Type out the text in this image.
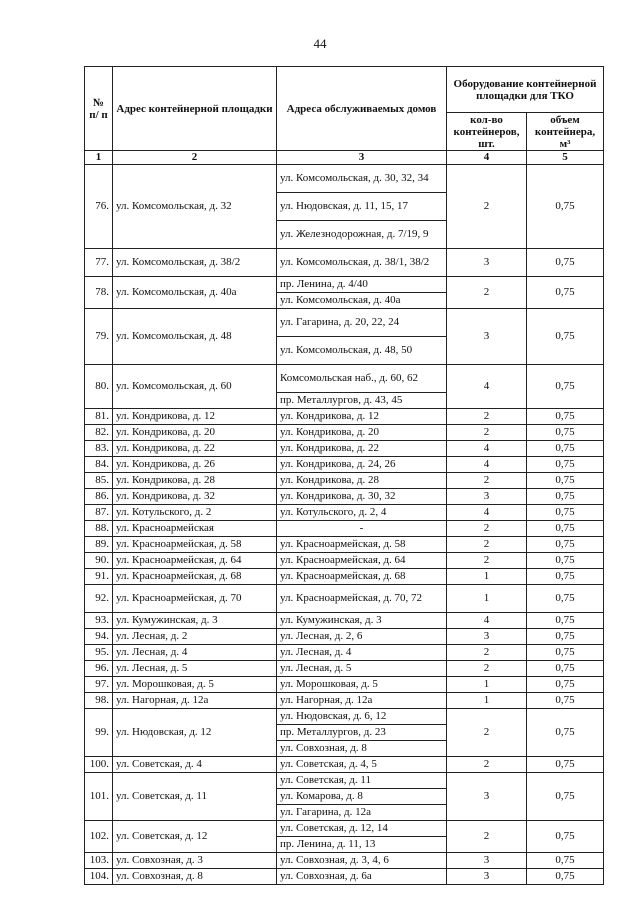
44
№ п/ п	Адрес контейнерной площадки	Адреса обслуживаемых домов	Оборудование контейнерной площадки для ТКО	
			кол-во контейнеров, шт.	объем контейнера, м³
1	2	3	4	5
76.	ул. Комсомольская, д. 32	ул. Комсомольская, д. 30, 32, 34	2	0,75
		ул. Нюдовская, д. 11, 15, 17		
		ул. Железнодорожная, д. 7/19, 9		
77.	ул. Комсомольская, д. 38/2	ул. Комсомольская, д. 38/1, 38/2	3	0,75
78.	ул. Комсомольская, д. 40а	пр. Ленина, д. 4/40	2	0,75
		ул. Комсомольская, д. 40а		
79.	ул. Комсомольская, д. 48	ул. Гагарина, д. 20, 22, 24	3	0,75
		ул. Комсомольская, д. 48, 50		
80.	ул. Комсомольская, д. 60	Комсомольская наб., д. 60, 62	4	0,75
		пр. Металлургов, д. 43, 45		
81.	ул. Кондрикова, д. 12	ул. Кондрикова, д. 12	2	0,75
82.	ул. Кондрикова, д. 20	ул. Кондрикова, д. 20	2	0,75
83.	ул. Кондрикова, д. 22	ул. Кондрикова, д. 22	4	0,75
84.	ул. Кондрикова, д. 26	ул. Кондрикова, д. 24, 26	4	0,75
85.	ул. Кондрикова, д. 28	ул. Кондрикова, д. 28	2	0,75
86.	ул. Кондрикова, д. 32	ул. Кондрикова, д. 30, 32	3	0,75
87.	ул. Котульского, д. 2	ул. Котульского, д. 2, 4	4	0,75
88.	ул. Красноармейская	-	2	0,75
89.	ул. Красноармейская, д. 58	ул. Красноармейская, д. 58	2	0,75
90.	ул. Красноармейская, д. 64	ул. Красноармейская, д. 64	2	0,75
91.	ул. Красноармейская, д. 68	ул. Красноармейская, д. 68	1	0,75
92.	ул. Красноармейская, д. 70	ул. Красноармейская, д. 70, 72	1	0,75
93.	ул. Кумужинская, д. 3	ул. Кумужинская, д. 3	4	0,75
94.	ул. Лесная, д. 2	ул. Лесная, д. 2, 6	3	0,75
95.	ул. Лесная, д. 4	ул. Лесная, д. 4	2	0,75
96.	ул. Лесная, д. 5	ул. Лесная, д. 5	2	0,75
97.	ул. Морошковая, д. 5	ул. Морошковая, д. 5	1	0,75
98.	ул. Нагорная, д. 12а	ул. Нагорная, д. 12а	1	0,75
99.	ул. Нюдовская, д. 12	ул. Нюдовская, д. 6, 12	2	0,75
		пр. Металлургов, д. 23		
		ул. Совхозная, д. 8		
100.	ул. Советская, д. 4	ул. Советская, д. 4, 5	2	0,75
101.	ул. Советская, д. 11	ул. Советская, д. 11	3	0,75
		ул. Комарова, д. 8		
		ул. Гагарина, д. 12а		
102.	ул. Советская, д. 12	ул. Советская, д. 12, 14	2	0,75
		пр. Ленина, д. 11, 13		
103.	ул. Совхозная, д. 3	ул. Совхозная, д. 3, 4, 6	3	0,75
104.	ул. Совхозная, д. 8	ул. Совхозная, д. 6а	3	0,75
